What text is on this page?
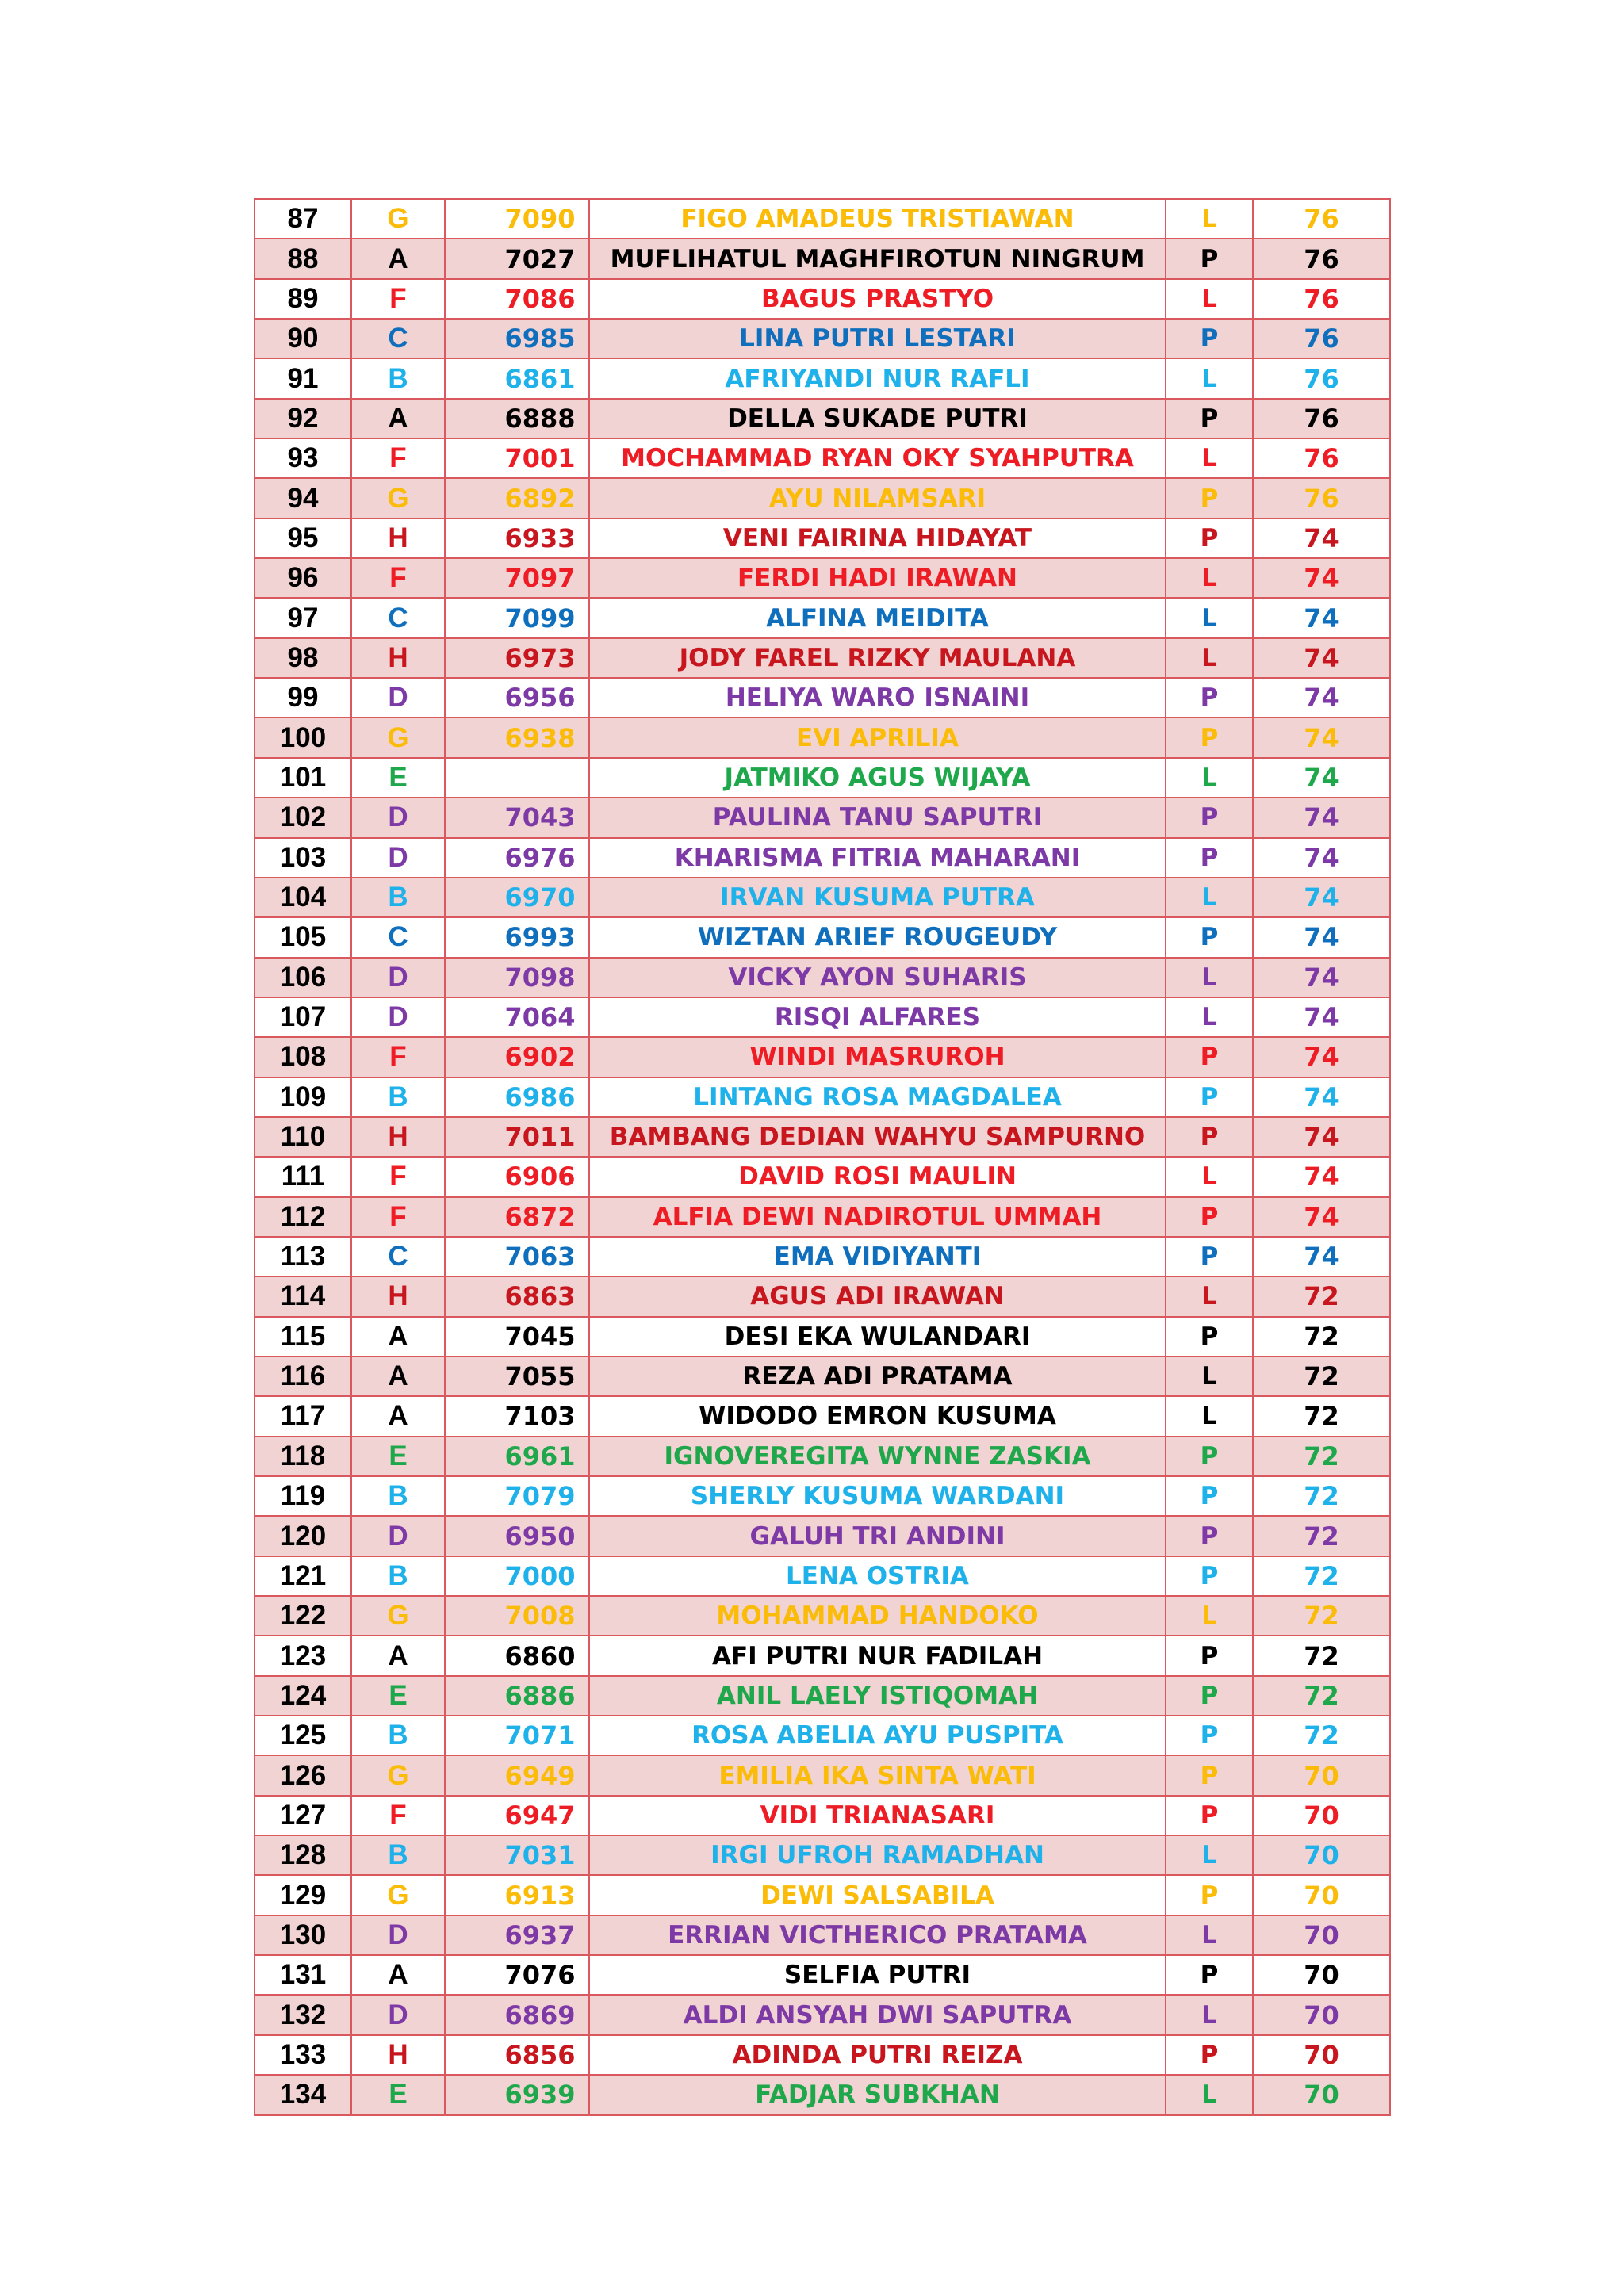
87	G	7090	FIGO AMADEUS TRISTIAWAN	L	76
88	A	7027	MUFLIHATUL MAGHFIROTUN NINGRUM	P	76
89	F	7086	BAGUS PRASTYO	L	76
90	C	6985	LINA PUTRI LESTARI	P	76
91	B	6861	AFRIYANDI NUR RAFLI	L	76
92	A	6888	DELLA SUKADE PUTRI	P	76
93	F	7001	MOCHAMMAD RYAN OKY SYAHPUTRA	L	76
94	G	6892	AYU NILAMSARI	P	76
95	H	6933	VENI FAIRINA HIDAYAT	P	74
96	F	7097	FERDI HADI IRAWAN	L	74
97	C	7099	ALFINA MEIDITA	L	74
98	H	6973	JODY FAREL RIZKY MAULANA	L	74
99	D	6956	HELIYA WARO ISNAINI	P	74
100	G	6938	EVI APRILIA	P	74
101	E		JATMIKO AGUS WIJAYA	L	74
102	D	7043	PAULINA TANU SAPUTRI	P	74
103	D	6976	KHARISMA FITRIA MAHARANI	P	74
104	B	6970	IRVAN KUSUMA PUTRA	L	74
105	C	6993	WIZTAN ARIEF ROUGEUDY	P	74
106	D	7098	VICKY AYON SUHARIS	L	74
107	D	7064	RISQI ALFARES	L	74
108	F	6902	WINDI MASRUROH	P	74
109	B	6986	LINTANG ROSA MAGDALEA	P	74
110	H	7011	BAMBANG DEDIAN WAHYU SAMPURNO	P	74
111	F	6906	DAVID ROSI MAULIN	L	74
112	F	6872	ALFIA DEWI NADIROTUL UMMAH	P	74
113	C	7063	EMA VIDIYANTI	P	74
114	H	6863	AGUS ADI IRAWAN	L	72
115	A	7045	DESI EKA WULANDARI	P	72
116	A	7055	REZA ADI PRATAMA	L	72
117	A	7103	WIDODO EMRON KUSUMA	L	72
118	E	6961	IGNOVEREGITA WYNNE ZASKIA	P	72
119	B	7079	SHERLY KUSUMA WARDANI	P	72
120	D	6950	GALUH TRI ANDINI	P	72
121	B	7000	LENA OSTRIA	P	72
122	G	7008	MOHAMMAD HANDOKO	L	72
123	A	6860	AFI PUTRI NUR FADILAH	P	72
124	E	6886	ANIL LAELY ISTIQOMAH	P	72
125	B	7071	ROSA ABELIA AYU PUSPITA	P	72
126	G	6949	EMILIA IKA SINTA WATI	P	70
127	F	6947	VIDI TRIANASARI	P	70
128	B	7031	IRGI UFROH RAMADHAN	L	70
129	G	6913	DEWI SALSABILA	P	70
130	D	6937	ERRIAN VICTHERICO PRATAMA	L	70
131	A	7076	SELFIA PUTRI	P	70
132	D	6869	ALDI ANSYAH DWI SAPUTRA	L	70
133	H	6856	ADINDA PUTRI REIZA	P	70
134	E	6939	FADJAR SUBKHAN	L	70
